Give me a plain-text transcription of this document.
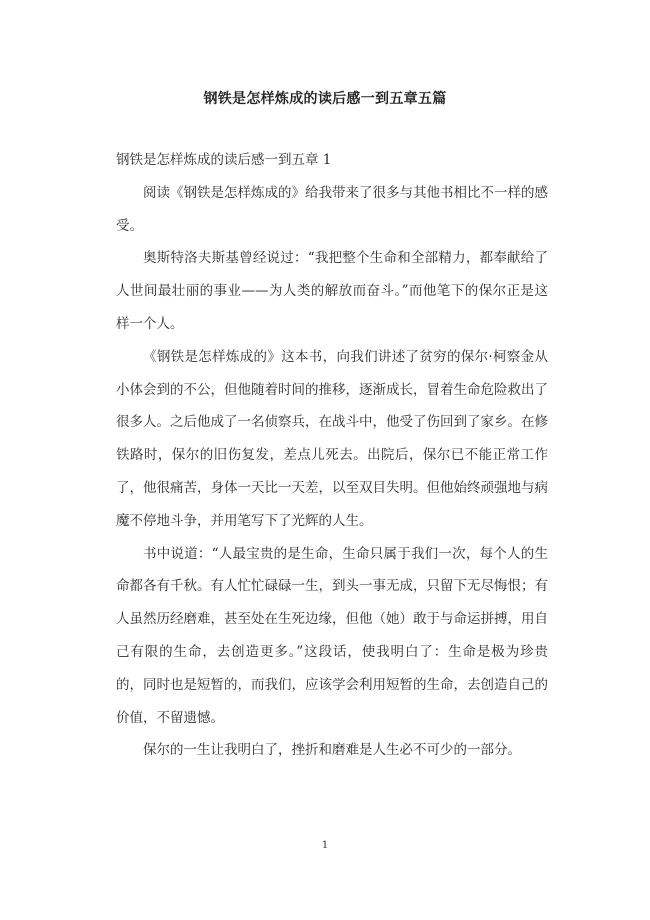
钢铁是怎样炼成的读后感一到五章五篇

钢铁是怎样炼成的读后感一到五章 1

阅读《钢铁是怎样炼成的》给我带来了很多与其他书相比不一样的感受。

奥斯特洛夫斯基曾经说过：“我把整个生命和全部精力，都奉献给了人世间最壮丽的事业——为人类的解放而奋斗。”而他笔下的保尔正是这样一个人。

《钢铁是怎样炼成的》这本书，向我们讲述了贫穷的保尔·柯察金从小体会到的不公，但他随着时间的推移，逐渐成长，冒着生命危险救出了很多人。之后他成了一名侦察兵，在战斗中，他受了伤回到了家乡。在修铁路时，保尔的旧伤复发，差点儿死去。出院后，保尔已不能正常工作了，他很痛苦，身体一天比一天差，以至双目失明。但他始终顽强地与病魔不停地斗争，并用笔写下了光辉的人生。

书中说道：“人最宝贵的是生命，生命只属于我们一次，每个人的生命都各有千秋。有人忙忙碌碌一生，到头一事无成，只留下无尽悔恨；有人虽然历经磨难，甚至处在生死边缘，但他（她）敢于与命运拼搏，用自己有限的生命，去创造更多。”这段话，使我明白了：生命是极为珍贵的，同时也是短暂的，而我们，应该学会利用短暂的生命，去创造自己的价值，不留遗憾。

保尔的一生让我明白了，挫折和磨难是人生必不可少的一部分。

1
